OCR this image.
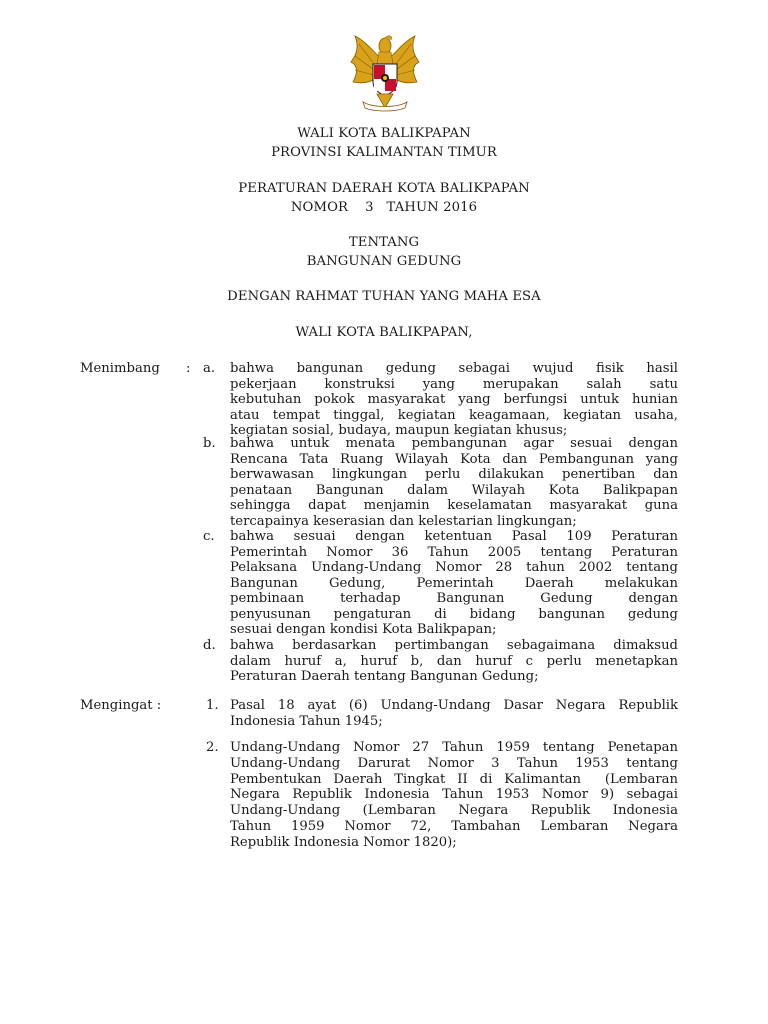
WALI KOTA BALIKPAPAN
PROVINSI KALIMANTAN TIMUR
PERATURAN DAERAH KOTA BALIKPAPAN
NOMOR    3   TAHUN 2016
TENTANG
BANGUNAN GEDUNG
DENGAN RAHMAT TUHAN YANG MAHA ESA
WALI KOTA BALIKPAPAN,
Menimbang : a. bahwa bangunan gedung sebagai wujud fisik hasil
pekerjaan konstruksi yang merupakan salah satu
kebutuhan pokok masyarakat yang berfungsi untuk hunian
atau tempat tinggal, kegiatan keagamaan, kegiatan usaha,
kegiatan sosial, budaya, maupun kegiatan khusus;
b. bahwa untuk menata pembangunan agar sesuai dengan
Rencana Tata Ruang Wilayah Kota dan Pembangunan yang
berwawasan lingkungan perlu dilakukan penertiban dan
penataan Bangunan dalam Wilayah Kota Balikpapan
sehingga dapat menjamin keselamatan masyarakat guna
tercapainya keserasian dan kelestarian lingkungan;
c. bahwa sesuai dengan ketentuan Pasal 109 Peraturan
Pemerintah Nomor 36 Tahun 2005 tentang Peraturan
Pelaksana Undang-Undang Nomor 28 tahun 2002 tentang
Bangunan Gedung, Pemerintah Daerah melakukan
pembinaan terhadap Bangunan Gedung dengan
penyusunan pengaturan di bidang bangunan gedung
sesuai dengan kondisi Kota Balikpapan;
d. bahwa berdasarkan pertimbangan sebagaimana dimaksud
dalam huruf a, huruf b, dan huruf c perlu menetapkan
Peraturan Daerah tentang Bangunan Gedung;
Mengingat :	1. Pasal 18 ayat (6) Undang-Undang Dasar Negara Republik
Indonesia Tahun 1945;
2. Undang-Undang Nomor 27 Tahun 1959 tentang Penetapan
Undang-Undang Darurat Nomor 3 Tahun 1953 tentang
Pembentukan Daerah Tingkat II di Kalimantan  (Lembaran
Negara Republik Indonesia Tahun 1953 Nomor 9) sebagai
Undang-Undang (Lembaran Negara Republik Indonesia
Tahun 1959 Nomor 72, Tambahan Lembaran Negara
Republik Indonesia Nomor 1820);
